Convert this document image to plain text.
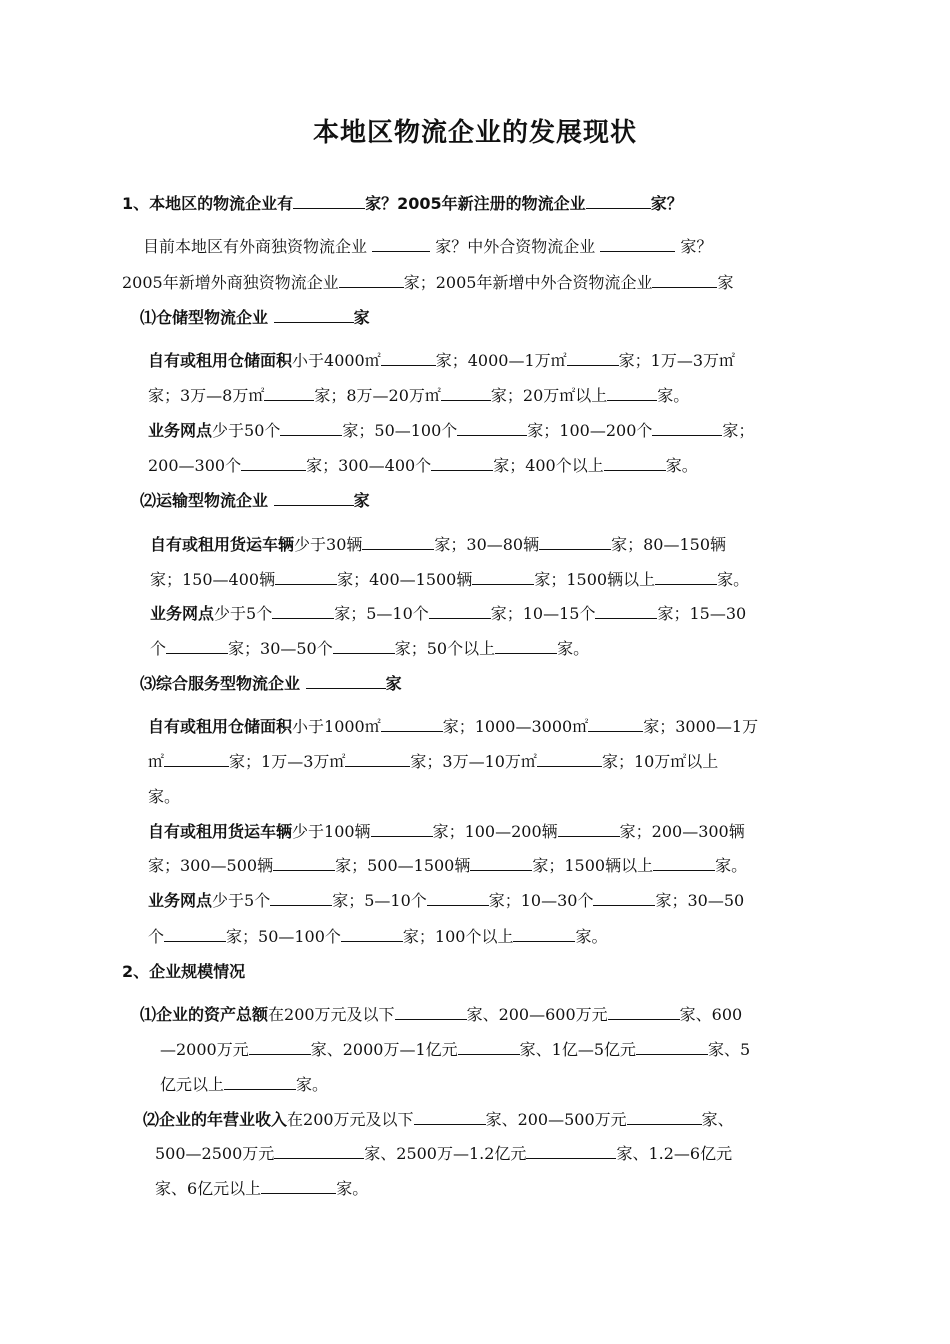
本地区物流企业的发展现状
1、本地区的物流企业有	家？2005年新注册的物流企业	家？
目前本地区有外商独资物流企业	家？中外合资物流企业	家？
2005年新增外商独资物流企业	家；2005年新增中外合资物流企业	家
⑴仓储型物流企业	家
自有或租用仓储面积小于4000㎡	家；4000—1万㎡	家；1万—3万㎡
家；3万—8万㎡	家；8万—20万㎡	家；20万㎡以上	家。
业务网点少于50个	家；50—100个	家；100—200个	家；
200—300个	家；300—400个	家；400个以上	家。
⑵运输型物流企业	家
自有或租用货运车辆少于30辆	家；30—80辆	家；80—150辆
家；150—400辆	家；400—1500辆	家；1500辆以上	家。
业务网点少于5个	家；5—10个	家；10—15个	家；15—30
个	家；30—50个	家；50个以上	家。
⑶综合服务型物流企业	家
自有或租用仓储面积小于1000㎡	家；1000—3000㎡	家；3000—1万
㎡	家；1万—3万㎡	家；3万—10万㎡	家；10万㎡以上
家。
自有或租用货运车辆少于100辆	家；100—200辆	家；200—300辆
家；300—500辆	家；500—1500辆	家；1500辆以上	家。
业务网点少于5个	家；5—10个	家；10—30个	家；30—50
个	家；50—100个	家；100个以上	家。
2、企业规模情况
⑴企业的资产总额在200万元及以下	家、200—600万元	家、600
—2000万元	家、2000万—1亿元	家、1亿—5亿元	家、5
亿元以上	家。
⑵企业的年营业收入在200万元及以下	家、200—500万元	家、
500—2500万元	家、2500万—1.2亿元	家、1.2—6亿元
家、6亿元以上	家。
